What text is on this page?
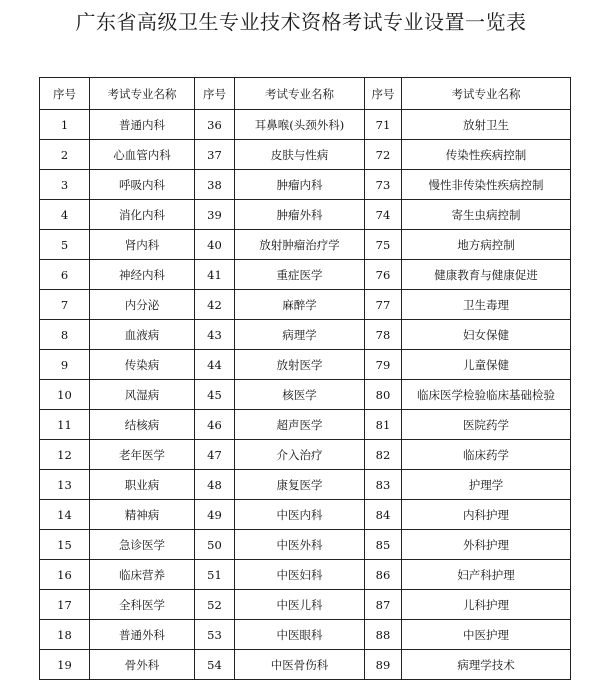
广东省高级卫生专业技术资格考试专业设置一览表
序号	考试专业名称	序号	考试专业名称	序号	考试专业名称
1	普通内科	36	耳鼻喉(头颈外科)	71	放射卫生
2	心血管内科	37	皮肤与性病	72	传染性疾病控制
3	呼吸内科	38	肿瘤内科	73	慢性非传染性疾病控制
4	消化内科	39	肿瘤外科	74	寄生虫病控制
5	肾内科	40	放射肿瘤治疗学	75	地方病控制
6	神经内科	41	重症医学	76	健康教育与健康促进
7	内分泌	42	麻醉学	77	卫生毒理
8	血液病	43	病理学	78	妇女保健
9	传染病	44	放射医学	79	儿童保健
10	风湿病	45	核医学	80	临床医学检验临床基础检验
11	结核病	46	超声医学	81	医院药学
12	老年医学	47	介入治疗	82	临床药学
13	职业病	48	康复医学	83	护理学
14	精神病	49	中医内科	84	内科护理
15	急诊医学	50	中医外科	85	外科护理
16	临床营养	51	中医妇科	86	妇产科护理
17	全科医学	52	中医儿科	87	儿科护理
18	普通外科	53	中医眼科	88	中医护理
19	骨外科	54	中医骨伤科	89	病理学技术
